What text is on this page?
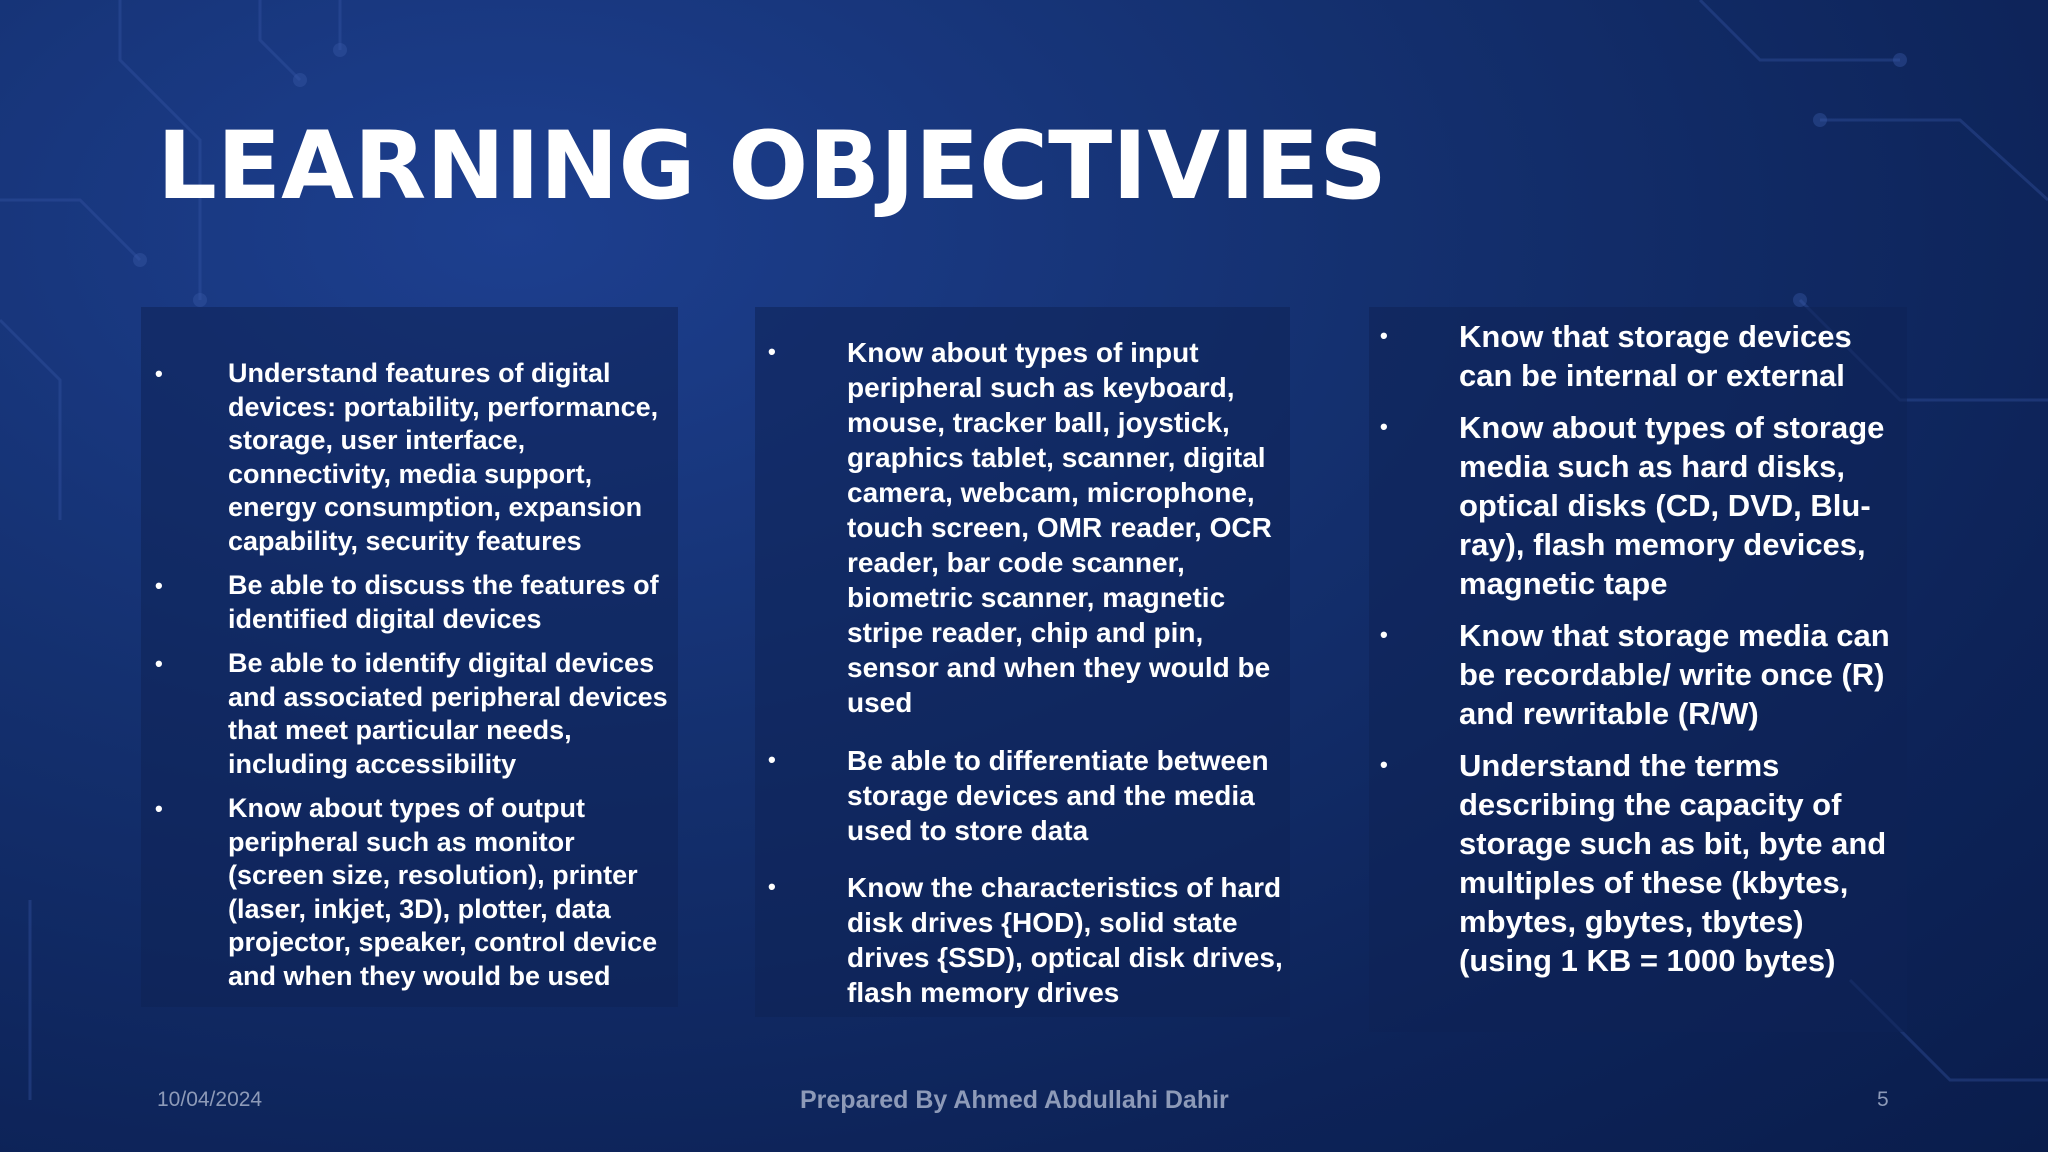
LEARNING OBJECTIVIES
• Understand features of digital devices: portability, performance, storage, user interface, connectivity, media support, energy consumption, expansion capability, security features
• Be able to discuss the features of identified digital devices
• Be able to identify digital devices and associated peripheral devices that meet particular needs, including accessibility
• Know about types of output peripheral such as monitor (screen size, resolution), printer (laser, inkjet, 3D), plotter, data projector, speaker, control device and when they would be used
•	Know about types of input peripheral such as keyboard, mouse, tracker ball, joystick, graphics tablet, scanner, digital camera, webcam, microphone, touch screen, OMR reader, OCR reader, bar code scanner, biometric scanner, magnetic stripe reader, chip and pin, sensor and when they would be used
•	Be able to differentiate between storage devices and the media used to store data
•	Know the characteristics of hard disk drives {HOD), solid state drives {SSD), optical disk drives, flash memory drives
• Know that storage devices can be internal or external
• Know about types of storage media such as hard disks, optical disks (CD, DVD, Blu-ray), flash memory devices, magnetic tape
• Know that storage media can be recordable/ write once (R) and rewritable (R/W)
• Understand the terms describing the capacity of storage such as bit, byte and multiples of these (kbytes, mbytes, gbytes, tbytes) (using 1 KB = 1000 bytes)
10/04/2024	Prepared By Ahmed Abdullahi Dahir	5
